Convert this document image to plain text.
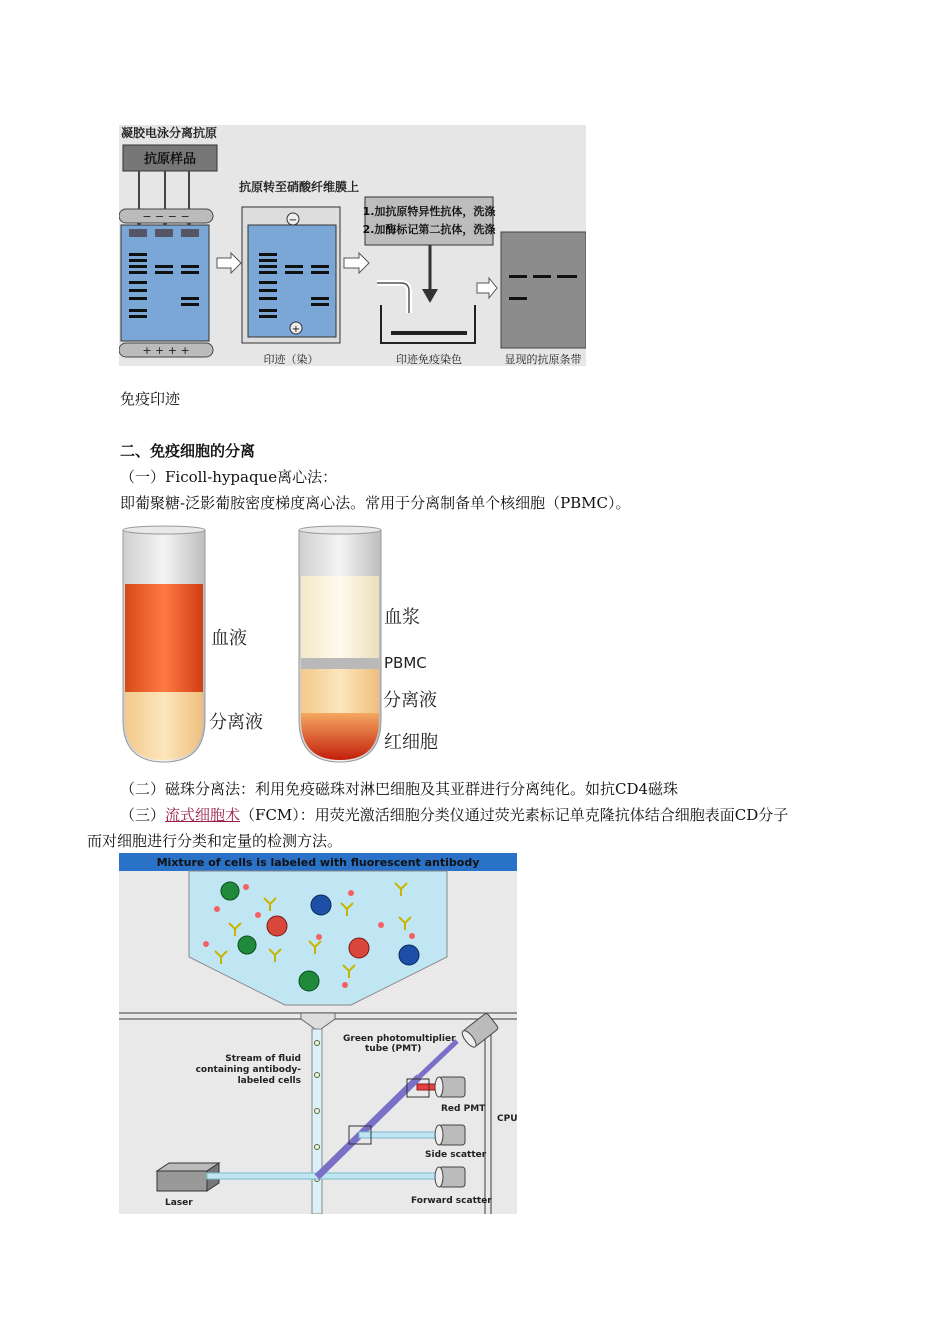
凝胶电泳分离抗原
抗原样品
− − − −
+ + + +
抗原转至硝酸纤维膜上
−
+
印迹（染）
1.加抗原特异性抗体，洗涤
2.加酶标记第二抗体，洗涤
印迹免疫染色	显现的抗原条带
免疫印迹
二、免疫细胞的分离
（一）Ficoll-hypaque离心法：
即葡聚糖-泛影葡胺密度梯度离心法。常用于分离制备单个核细胞（PBMC）。
血液
分离液
血浆
PBMC
分离液
红细胞
（二）磁珠分离法：利用免疫磁珠对淋巴细胞及其亚群进行分离纯化。如抗CD4磁珠
（三）流式细胞术（FCM）：用荧光激活细胞分类仪通过荧光素标记单克隆抗体结合细胞表面CD分子
而对细胞进行分类和定量的检测方法。
Mixture of cells is labeled with fluorescent antibody
Green photomultiplier
tube (PMT)
Stream of fluid
containing antibody-
labeled cells
Red PMT
CPU
Side scatter
Forward scatter
Laser
